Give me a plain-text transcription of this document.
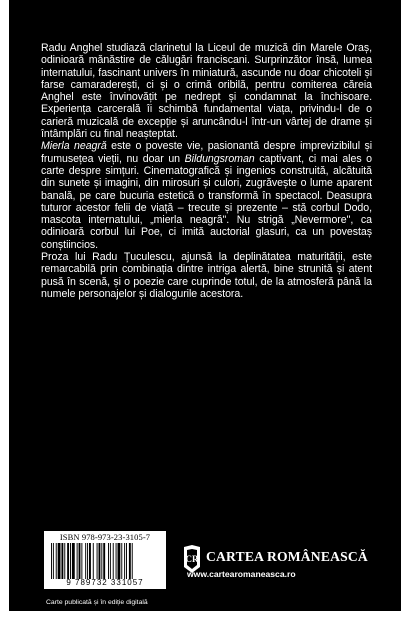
Radu Anghel studiază clarinetul la Liceul de muzică din Marele Oraș, odinioară mănăstire de călugări franciscani. Surprinzător însă, lumea internatului, fascinant univers în miniatură, ascunde nu doar chicoteli și farse camaraderești, ci și o crimă oribilă, pentru comiterea căreia Anghel este învinovățit pe nedrept și condamnat la închisoare. Experiența carcerală îi schimbă fundamental viața, privindu-l de o carieră muzicală de excepție și aruncându-l într-un vârtej de drame și întâmplări cu final neașteptat.

Mierla neagră este o poveste vie, pasionantă despre imprevizibilul și frumusețea vieții, nu doar un Bildungsroman captivant, ci mai ales o carte despre simțuri. Cinematografică și ingenios construită, alcătuită din sunete și imagini, din mirosuri și culori, zugrăvește o lume aparent banală, pe care bucuria estetică o transformă în spectacol. Deasupra tuturor acestor felii de viață – trecute și prezente – stă corbul Dodo, mascota internatului, „mierla neagră". Nu strigă „Nevermore", ca odinioară corbul lui Poe, ci imită auctorial glasuri, ca un povestaș conștiincios.

Proza lui Radu Țuculescu, ajunsă la deplinătatea maturității, este remarcabilă prin combinația dintre intriga alertă, bine strunită și atent pusă în scenă, și o poezie care cuprinde totul, de la atmosferă până la numele personajelor și dialogurile acestora.

ISBN 978-973-23-3105-7
9 789732 331057
Carte publicată și în ediție digitală
CR CARTEA ROMÂNEASCĂ
www.cartearomaneasca.ro
